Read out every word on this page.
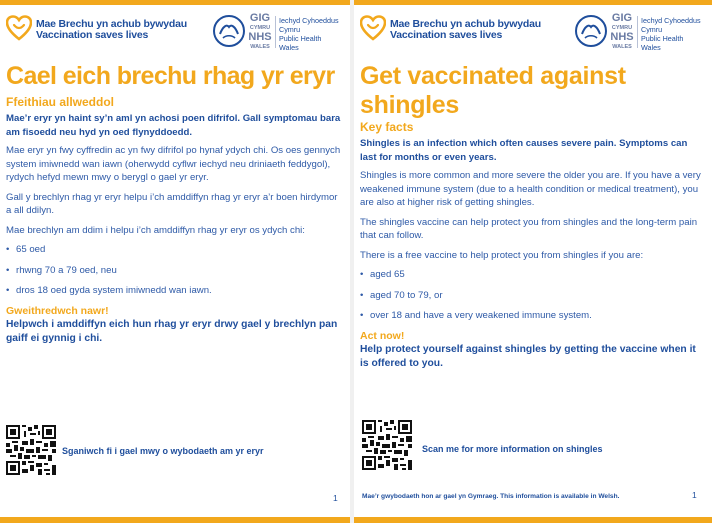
Mae Brechu yn achub bywydau
Vaccination saves lives
GIG
CYMRU
NHS
WALES
Iechyd Cyhoeddus
Cymru
Public Health
Wales
Cael eich brechu rhag yr eryr
Ffeithiau allweddol

Mae’r eryr yn haint sy’n aml yn achosi poen difrifol. Gall symptomau bara am fisoedd neu hyd yn oed flynyddoedd.

Mae eryr yn fwy cyffredin ac yn fwy difrifol po hynaf ydych chi. Os oes gennych system imiwnedd wan iawn (oherwydd cyflwr iechyd neu driniaeth feddygol), rydych hefyd mewn mwy o berygl o gael yr eryr.

Gall y brechlyn rhag yr eryr helpu i’ch amddiffyn rhag yr eryr a’r boen hirdymor a all ddilyn.

Mae brechlyn am ddim i helpu i’ch amddiffyn rhag yr eryr os ydych chi:

• 65 oed
• rhwng 70 a 79 oed, neu
• dros 18 oed gyda system imiwnedd wan iawn.
Gweithredwch nawr!

Helpwch i amddiffyn eich hun rhag yr eryr drwy gael y brechlyn pan gaiff ei gynnig i chi.

Sganiwch fi i gael mwy o wybodaeth am yr eryr
1
Mae Brechu yn achub bywydau
Vaccination saves lives
GIG
CYMRU
NHS
WALES
Iechyd Cyhoeddus
Cymru
Public Health
Wales
Get vaccinated against
shingles
Key facts

Shingles is an infection which often causes severe pain. Symptoms can last for months or even years.

Shingles is more common and more severe the older you are. If you have a very weakened immune system (due to a health condition or medical treatment), you are also at higher risk of getting shingles.

The shingles vaccine can help protect you from shingles and the long-term pain that can follow.

There is a free vaccine to help protect you from shingles if you are:

• aged 65
• aged 70 to 79, or
• over 18 and have a very weakened immune system.
Act now!

Help protect yourself against shingles by getting the vaccine when it is offered to you.

Scan me for more information on shingles
Mae’r gwybodaeth hon ar gael yn Gymraeg. This information is available in Welsh.	1
